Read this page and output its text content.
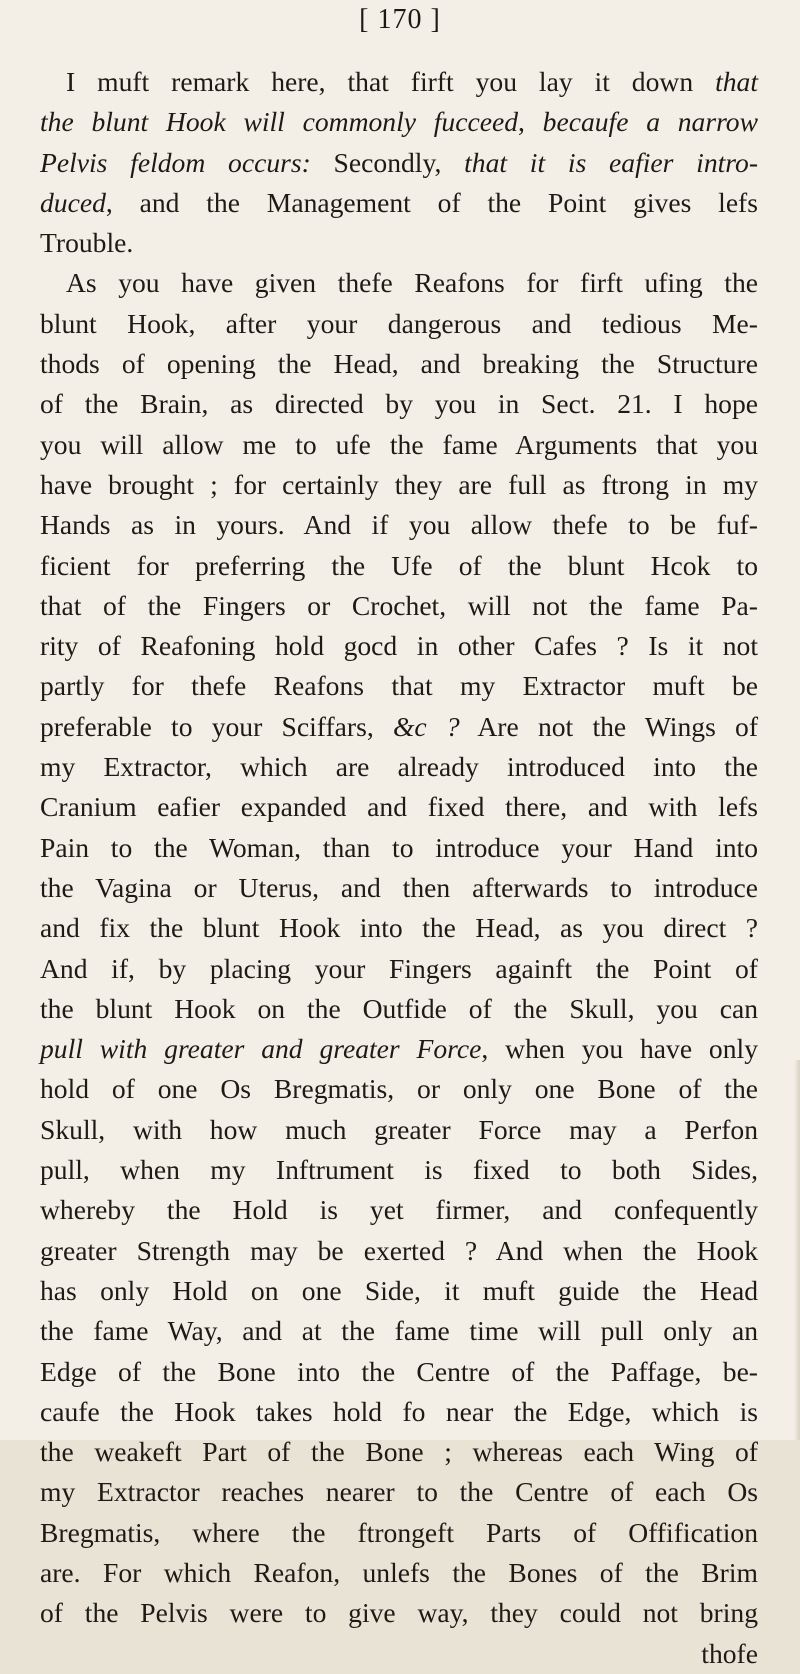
[ 170 ]
I muft remark here, that firft you lay it down that
the blunt Hook will commonly fucceed, becaufe a narrow
Pelvis feldom occurs: Secondly, that it is eafier intro-
duced, and the Management of the Point gives lefs
Trouble.
As you have given thefe Reafons for firft ufing the
blunt Hook, after your dangerous and tedious Me-
thods of opening the Head, and breaking the Structure
of the Brain, as directed by you in Sect. 21. I hope
you will allow me to ufe the fame Arguments that you
have brought ; for certainly they are full as ftrong in my
Hands as in yours. And if you allow thefe to be fuf-
ficient for preferring the Ufe of the blunt Hcok to
that of the Fingers or Crochet, will not the fame Pa-
rity of Reafoning hold gocd in other Cafes ? Is it not
partly for thefe Reafons that my Extractor muft be
preferable to your Sciffars, &c ? Are not the Wings of
my Extractor, which are already introduced into the
Cranium eafier expanded and fixed there, and with lefs
Pain to the Woman, than to introduce your Hand into
the Vagina or Uterus, and then afterwards to introduce
and fix the blunt Hook into the Head, as you direct ?
And if, by placing your Fingers againft the Point of
the blunt Hook on the Outfide of the Skull, you can
pull with greater and greater Force, when you have only
hold of one Os Bregmatis, or only one Bone of the
Skull, with how much greater Force may a Perfon
pull, when my Inftrument is fixed to both Sides,
whereby the Hold is yet firmer, and confequently
greater Strength may be exerted ? And when the Hook
has only Hold on one Side, it muft guide the Head
the fame Way, and at the fame time will pull only an
Edge of the Bone into the Centre of the Paffage, be-
caufe the Hook takes hold fo near the Edge, which is
the weakeft Part of the Bone ; whereas each Wing of
my Extractor reaches nearer to the Centre of each Os
Bregmatis, where the ftrongeft Parts of Offification
are. For which Reafon, unlefs the Bones of the Brim
of the Pelvis were to give way, they could not bring
thofe
